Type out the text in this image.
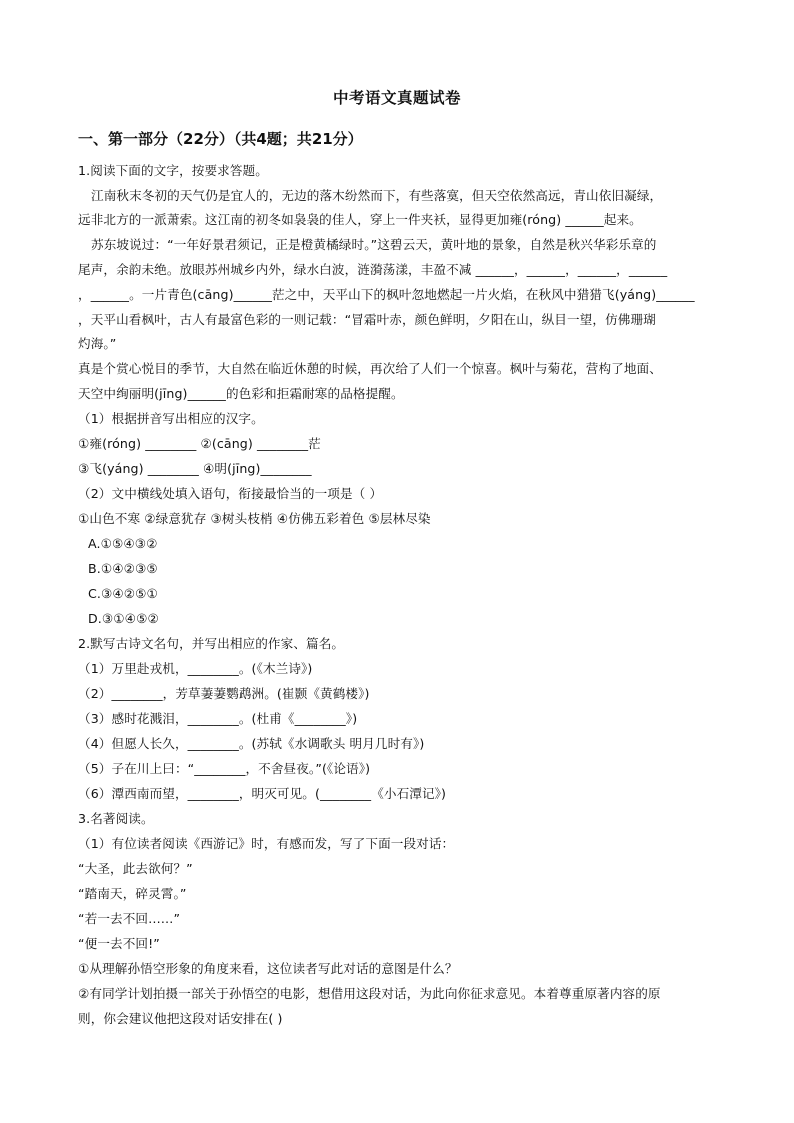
中考语文真题试卷
一、第一部分（22分）（共4题；共21分）
1.阅读下面的文字，按要求答题。
江南秋末冬初的天气仍是宜人的，无边的落木纷然而下，有些落寞，但天空依然高远，青山依旧凝绿，
远非北方的一派萧索。这江南的初冬如袅袅的佳人，穿上一件夹袄，显得更加雍(róng) ______起来。
苏东坡说过：“一年好景君须记，正是橙黄橘绿时。”这碧云天，黄叶地的景象，自然是秋兴华彩乐章的
尾声，余韵未绝。放眼苏州城乡内外，绿水白波，涟漪荡漾，丰盈不减 ______，______，______，______
，______。一片青色(cāng)______茫之中，天平山下的枫叶忽地燃起一片火焰，在秋风中猎猎飞(yáng)______
，天平山看枫叶，古人有最富色彩的一则记载：“冒霜叶赤，颜色鲜明，夕阳在山，纵目一望，仿佛珊瑚
灼海。”
真是个赏心悦目的季节，大自然在临近休憩的时候，再次给了人们一个惊喜。枫叶与菊花，营构了地面、
天空中绚丽明(jīng)______的色彩和拒霜耐寒的品格提醒。
（1）根据拼音写出相应的汉字。
①雍(róng) ________ ②(cāng) ________茫
③飞(yáng) ________ ④明(jīng)________
（2）文中横线处填入语句，衔接最恰当的一项是（ ）
①山色不寒 ②绿意犹存 ③树头枝梢 ④仿佛五彩着色 ⑤层林尽染
A.①⑤④③②
B.①④②③⑤
C.③④②⑤①
D.③①④⑤②
2.默写古诗文名句，并写出相应的作家、篇名。
（1）万里赴戎机，________。(《木兰诗》)
（2）________，芳草萋萋鹦鹉洲。(崔颢《黄鹤楼》)
（3）感时花溅泪，________。(杜甫《________》)
（4）但愿人长久，________。(苏轼《水调歌头 明月几时有》)
（5）子在川上曰：“________，不舍昼夜。”(《论语》)
（6）潭西南而望，________，明灭可见。(________《小石潭记》)
3.名著阅读。
（1）有位读者阅读《西游记》时，有感而发，写了下面一段对话：
“大圣，此去欲何？”
“踏南天，碎灵霄。”
“若一去不回……”
“便一去不回!”
①从理解孙悟空形象的角度来看，这位读者写此对话的意图是什么？
②有同学计划拍摄一部关于孙悟空的电影，想借用这段对话，为此向你征求意见。本着尊重原著内容的原
则，你会建议他把这段对话安排在( )
